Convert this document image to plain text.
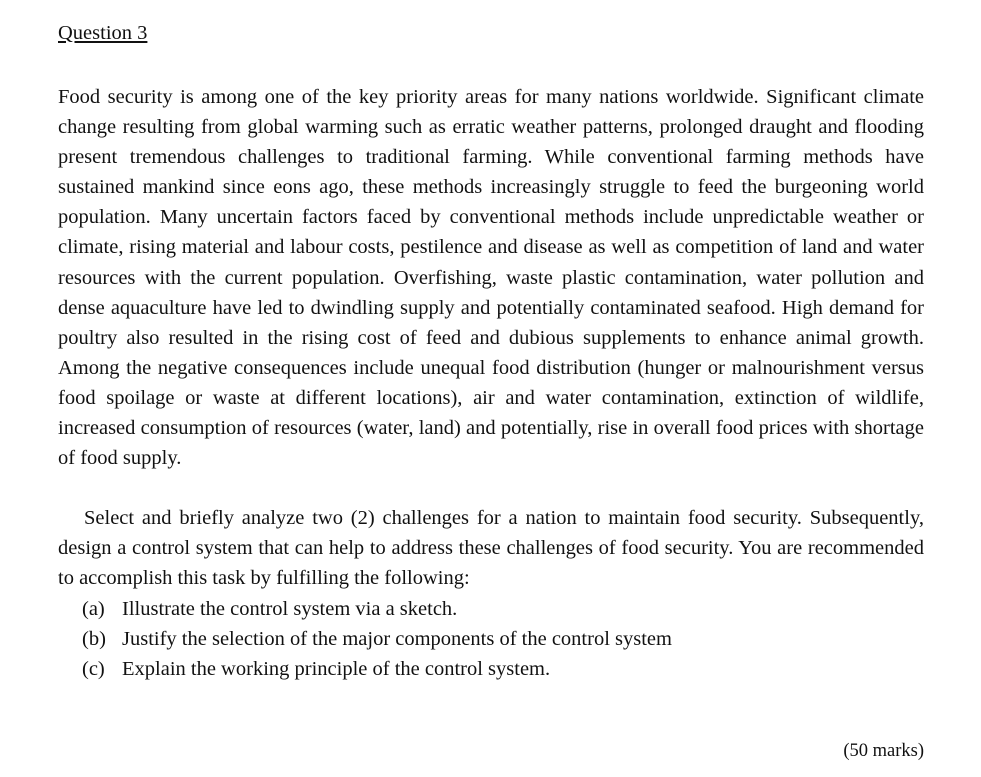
Question 3

Food security is among one of the key priority areas for many nations worldwide. Significant climate change resulting from global warming such as erratic weather patterns, prolonged draught and flooding present tremendous challenges to traditional farming. While conventional farming methods have sustained mankind since eons ago, these methods increasingly struggle to feed the burgeoning world population. Many uncertain factors faced by conventional methods include unpredictable weather or climate, rising material and labour costs, pestilence and disease as well as competition of land and water resources with the current population. Overfishing, waste plastic contamination, water pollution and dense aquaculture have led to dwindling supply and potentially contaminated seafood. High demand for poultry also resulted in the rising cost of feed and dubious supplements to enhance animal growth. Among the negative consequences include unequal food distribution (hunger or malnourishment versus food spoilage or waste at different locations), air and water contamination, extinction of wildlife, increased consumption of resources (water, land) and potentially, rise in overall food prices with shortage of food supply.

Select and briefly analyze two (2) challenges for a nation to maintain food security. Subsequently, design a control system that can help to address these challenges of food security. You are recommended to accomplish this task by fulfilling the following:

(a) Illustrate the control system via a sketch.
(b) Justify the selection of the major components of the control system
(c) Explain the working principle of the control system.
(50 marks)
